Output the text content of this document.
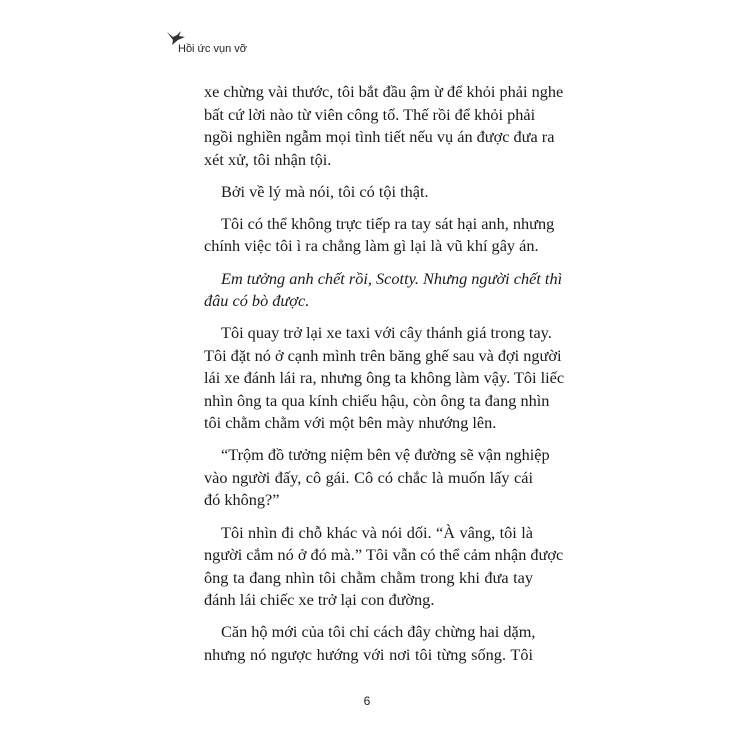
Hồi ức vụn vỡ
xe chừng vài thước, tôi bắt đầu ậm ừ để khỏi phải nghe
bất cứ lời nào từ viên công tố. Thế rồi để khỏi phải
ngồi nghiền ngẫm mọi tình tiết nếu vụ án được đưa ra
xét xử, tôi nhận tội.
Bởi về lý mà nói, tôi có tội thật.
Tôi có thể không trực tiếp ra tay sát hại anh, nhưng
chính việc tôi ì ra chẳng làm gì lại là vũ khí gây án.
Em tưởng anh chết rồi, Scotty. Nhưng người chết thì
đâu có bò được.
Tôi quay trở lại xe taxi với cây thánh giá trong tay.
Tôi đặt nó ở cạnh mình trên băng ghế sau và đợi người
lái xe đánh lái ra, nhưng ông ta không làm vậy. Tôi liếc
nhìn ông ta qua kính chiếu hậu, còn ông ta đang nhìn
tôi chằm chằm với một bên mày nhướng lên.
“Trộm đồ tưởng niệm bên vệ đường sẽ vận nghiệp
vào người đấy, cô gái. Cô có chắc là muốn lấy cái
đó không?”
Tôi nhìn đi chỗ khác và nói dối. “À vâng, tôi là
người cắm nó ở đó mà.” Tôi vẫn có thể cảm nhận được
ông ta đang nhìn tôi chằm chằm trong khi đưa tay
đánh lái chiếc xe trở lại con đường.
Căn hộ mới của tôi chỉ cách đây chừng hai dặm,
nhưng nó ngược hướng với nơi tôi từng sống. Tôi
6
